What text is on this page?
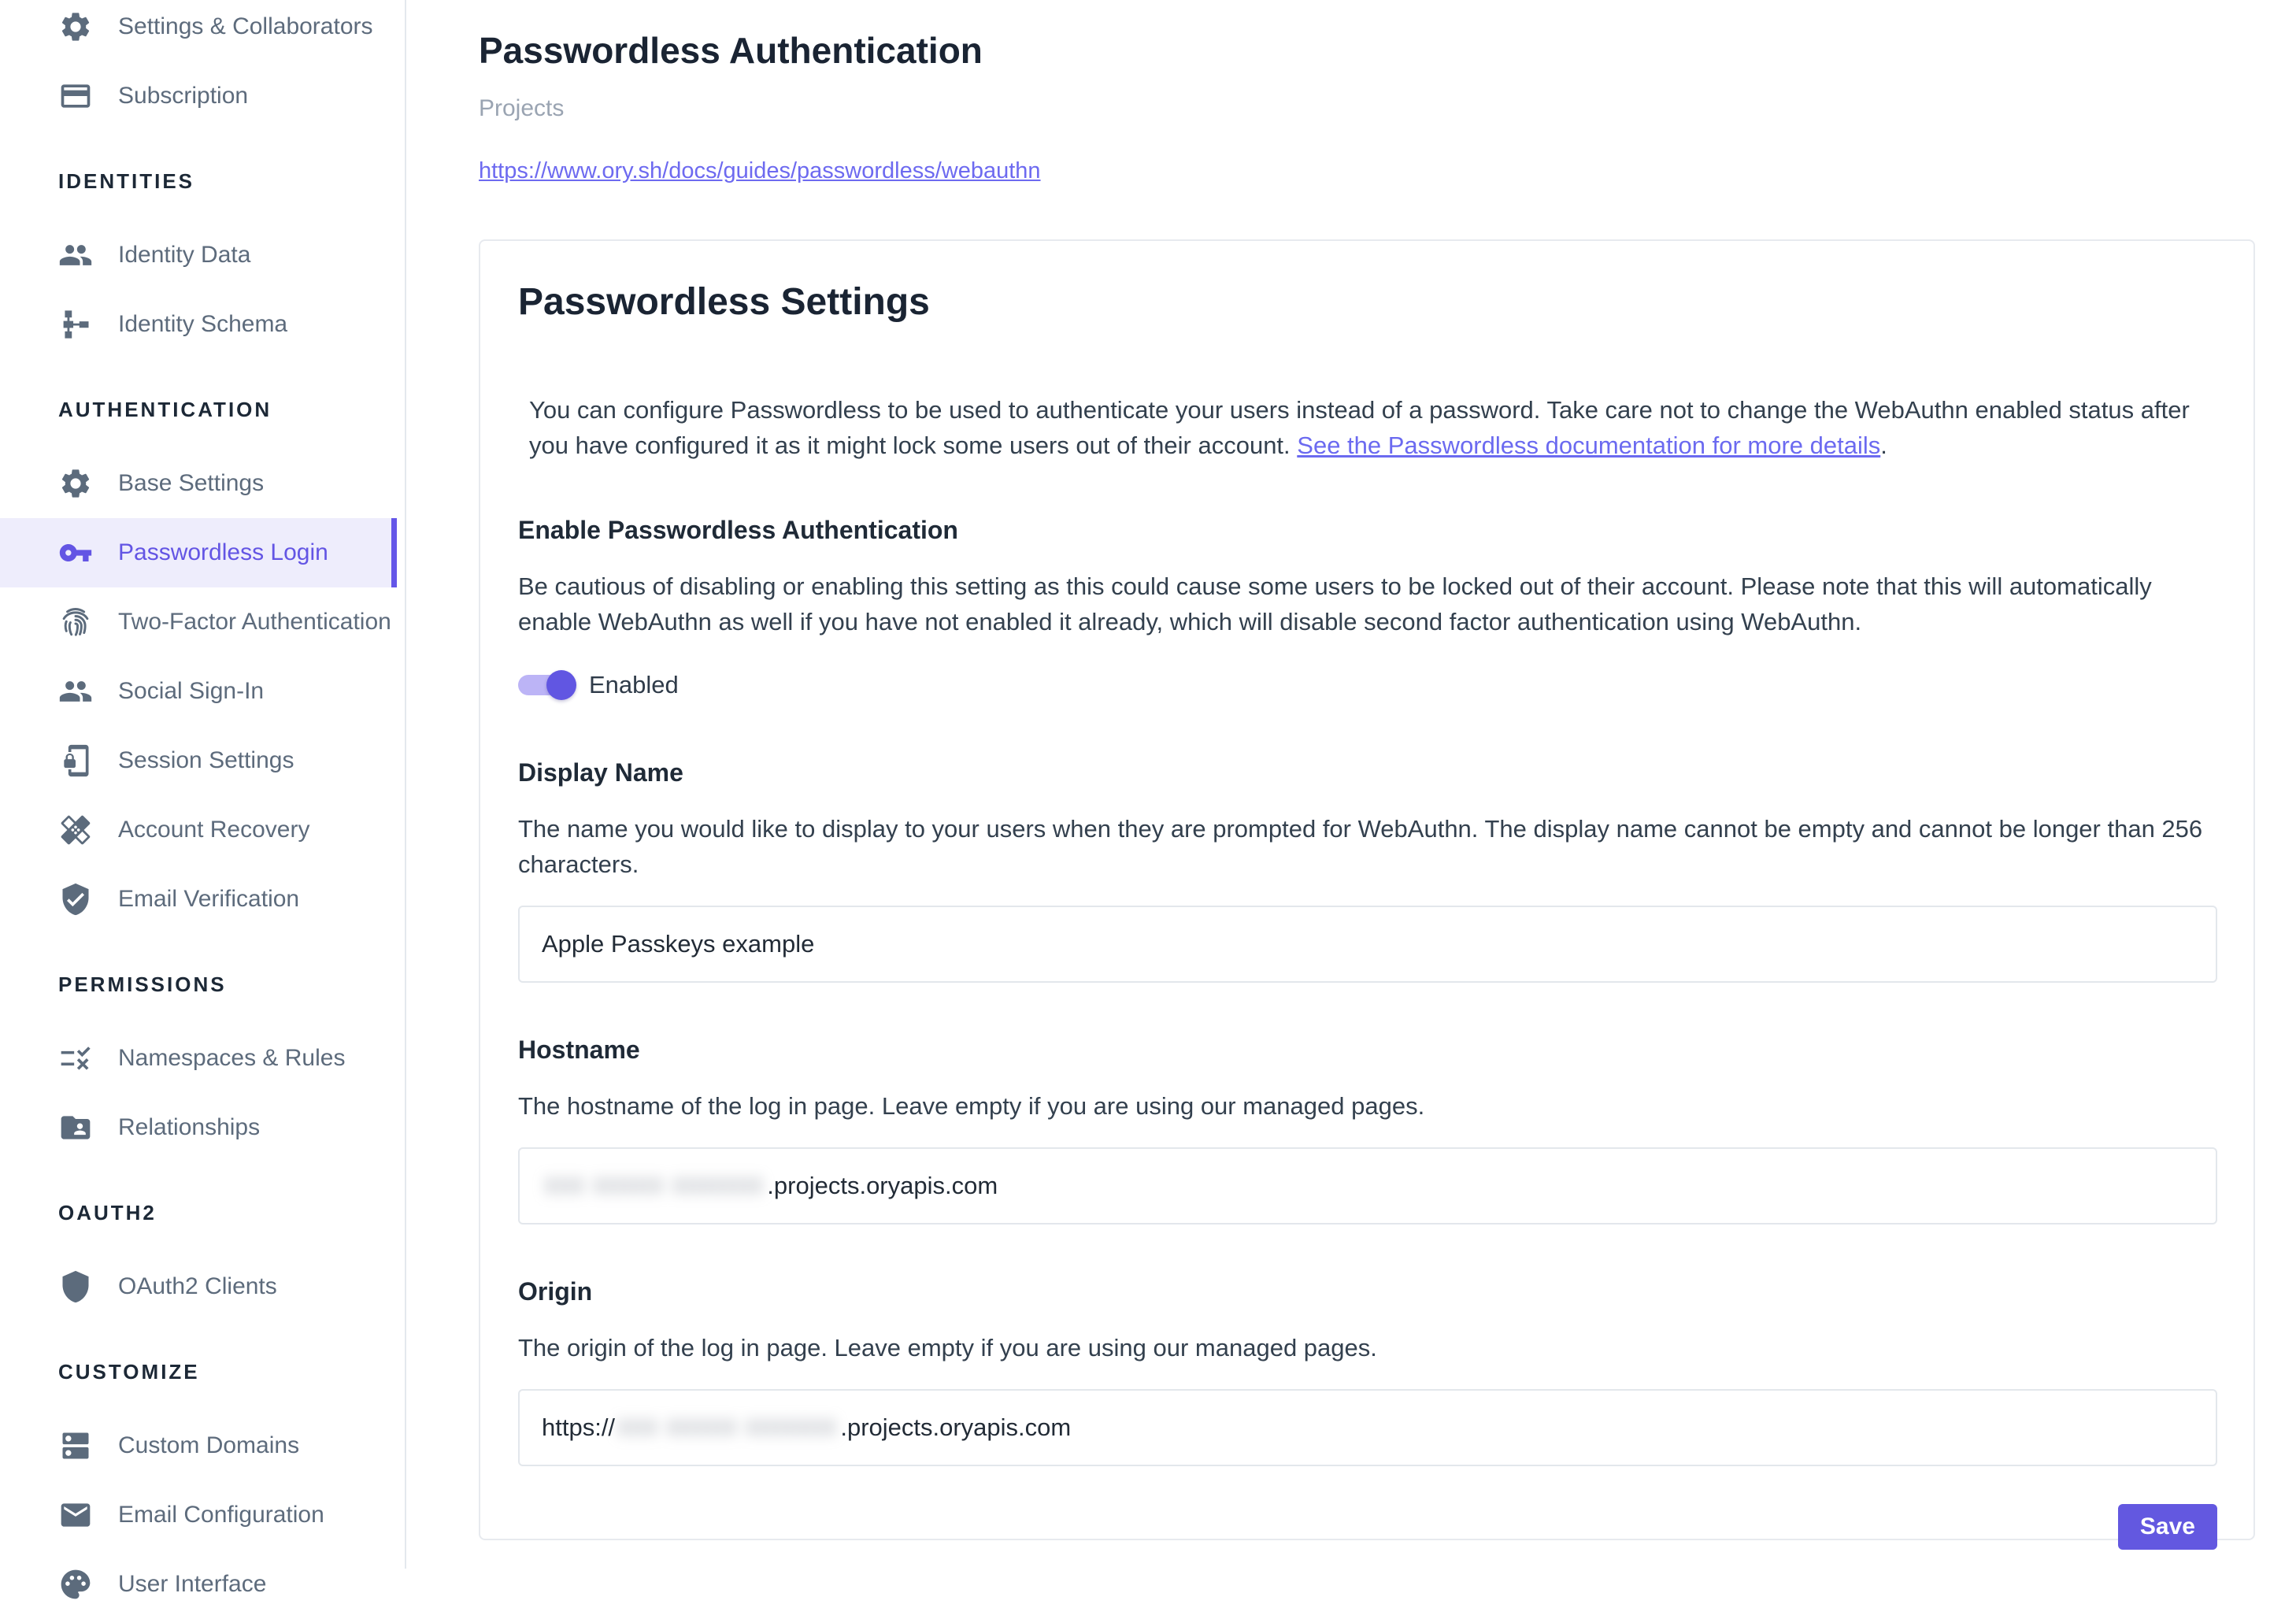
Settings & Collaborators
Subscription
IDENTITIES
Identity Data
Identity Schema
AUTHENTICATION
Base Settings
Passwordless Login
Two-Factor Authentication
Social Sign-In
Session Settings
Account Recovery
Email Verification
PERMISSIONS
Namespaces & Rules
Relationships
OAUTH2
OAuth2 Clients
CUSTOMIZE
Custom Domains
Email Configuration
User Interface
Passwordless Authentication
Projects
https://www.ory.sh/docs/guides/passwordless/webauthn
Passwordless Settings

You can configure Passwordless to be used to authenticate your users instead of a password. Take care not to change the WebAuthn enabled status after you have configured it as it might lock some users out of their account. See the Passwordless documentation for more details.

Enable Passwordless Authentication

Be cautious of disabling or enabling this setting as this could cause some users to be locked out of their account. Please note that this will automatically enable WebAuthn as well if you have not enabled it already, which will disable second factor authentication using WebAuthn.

Enabled
Display Name

The name you would like to display to your users when they are prompted for WebAuthn. The display name cannot be empty and cannot be longer than 256 characters.

Apple Passkeys example
Hostname

The hostname of the log in page. Leave empty if you are using our managed pages.

•••• ••••••• ••••••••• .projects.oryapis.com
Origin

The origin of the log in page. Leave empty if you are using our managed pages.

https:// •••• ••••••• ••••••••• .projects.oryapis.com
Save
